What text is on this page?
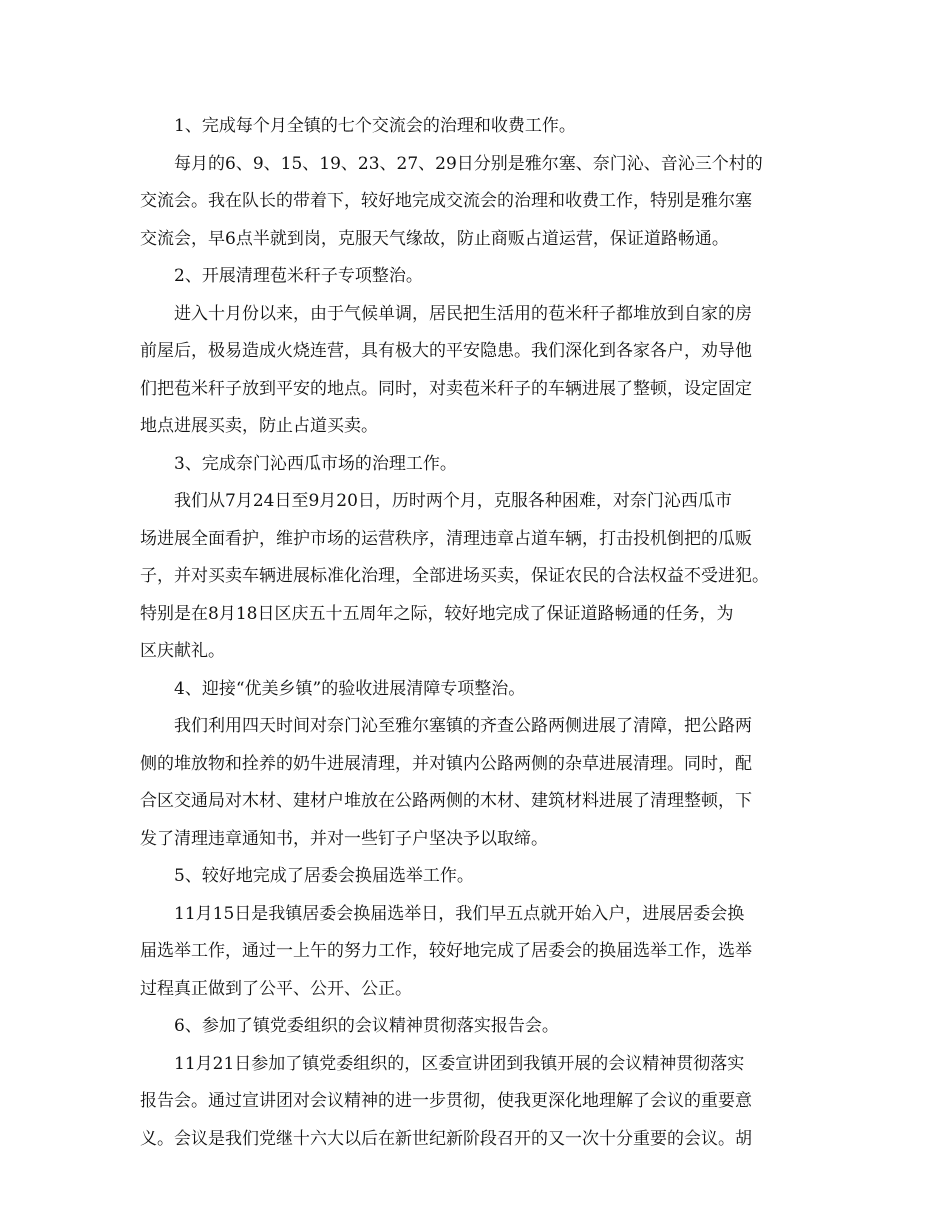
1、完成每个月全镇的七个交流会的治理和收费工作。
每月的6、9、15、19、23、27、29日分别是雅尔塞、奈门沁、音沁三个村的
交流会。我在队长的带着下，较好地完成交流会的治理和收费工作，特别是雅尔塞
交流会，早6点半就到岗，克服天气缘故，防止商贩占道运营，保证道路畅通。
2、开展清理苞米秆子专项整治。
进入十月份以来，由于气候单调，居民把生活用的苞米秆子都堆放到自家的房
前屋后，极易造成火烧连营，具有极大的平安隐患。我们深化到各家各户，劝导他
们把苞米秆子放到平安的地点。同时，对卖苞米秆子的车辆进展了整顿，设定固定
地点进展买卖，防止占道买卖。
3、完成奈门沁西瓜市场的治理工作。
我们从7月24日至9月20日，历时两个月，克服各种困难，对奈门沁西瓜市
场进展全面看护，维护市场的运营秩序，清理违章占道车辆，打击投机倒把的瓜贩
子，并对买卖车辆进展标准化治理，全部进场买卖，保证农民的合法权益不受进犯。
特别是在8月18日区庆五十五周年之际，较好地完成了保证道路畅通的任务，为
区庆献礼。
4、迎接“优美乡镇”的验收进展清障专项整治。
我们利用四天时间对奈门沁至雅尔塞镇的齐查公路两侧进展了清障，把公路两
侧的堆放物和拴养的奶牛进展清理，并对镇内公路两侧的杂草进展清理。同时，配
合区交通局对木材、建材户堆放在公路两侧的木材、建筑材料进展了清理整顿，下
发了清理违章通知书，并对一些钉子户坚决予以取缔。
5、较好地完成了居委会换届选举工作。
11月15日是我镇居委会换届选举日，我们早五点就开始入户，进展居委会换
届选举工作，通过一上午的努力工作，较好地完成了居委会的换届选举工作，选举
过程真正做到了公平、公开、公正。
6、参加了镇党委组织的会议精神贯彻落实报告会。
11月21日参加了镇党委组织的，区委宣讲团到我镇开展的会议精神贯彻落实
报告会。通过宣讲团对会议精神的进一步贯彻，使我更深化地理解了会议的重要意
义。会议是我们党继十六大以后在新世纪新阶段召开的又一次十分重要的会议。胡
